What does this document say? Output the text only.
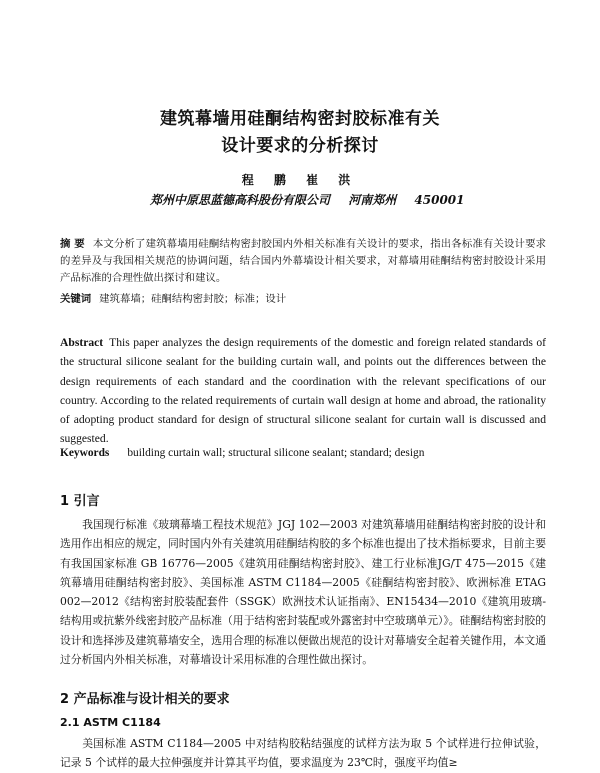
建筑幕墙用硅酮结构密封胶标准有关
设计要求的分析探讨
程 鹏 崔 洪
郑州中原思蓝德高科股份有限公司 河南郑州 450001
摘 要 本文分析了建筑幕墙用硅酮结构密封胶国内外相关标准有关设计的要求，指出各标准有关设计要求的差异及与我国相关规范的协调问题，结合国内外幕墙设计相关要求，对幕墙用硅酮结构密封胶设计采用产品标准的合理性做出探讨和建议。
关键词 建筑幕墙；硅酮结构密封胶；标准；设计
Abstract This paper analyzes the design requirements of the domestic and foreign related standards of the structural silicone sealant for the building curtain wall, and points out the differences between the design requirements of each standard and the coordination with the relevant specifications of our country. According to the related requirements of curtain wall design at home and abroad, the rationality of adopting product standard for design of structural silicone sealant for curtain wall is discussed and suggested.
Keywords building curtain wall; structural silicone sealant; standard; design
1 引言
我国现行标准《玻璃幕墙工程技术规范》JGJ 102—2003 对建筑幕墙用硅酮结构密封胶的设计和选用作出相应的规定，同时国内外有关建筑用硅酮结构胶的多个标准也提出了技术指标要求，目前主要有我国国家标准 GB 16776—2005《建筑用硅酮结构密封胶》、建工行业标准JG/T 475—2015《建筑幕墙用硅酮结构密封胶》、美国标准 ASTM C1184—2005《硅酮结构密封胶》、欧洲标准 ETAG 002—2012《结构密封胶装配套件（SSGK）欧洲技术认证指南》、EN15434—2010《建筑用玻璃-结构用或抗紫外线密封胶产品标准（用于结构密封装配或外露密封中空玻璃单元）》。硅酮结构密封胶的设计和选择涉及建筑幕墙安全，选用合理的标准以便做出规范的设计对幕墙安全起着关键作用，本文通过分析国内外相关标准，对幕墙设计采用标准的合理性做出探讨。
2 产品标准与设计相关的要求
2.1 ASTM C1184
美国标准 ASTM C1184—2005 中对结构胶粘结强度的试样方法为取 5 个试样进行拉伸试验，记录 5 个试样的最大拉伸强度并计算其平均值，要求温度为 23℃时，强度平均值≥
